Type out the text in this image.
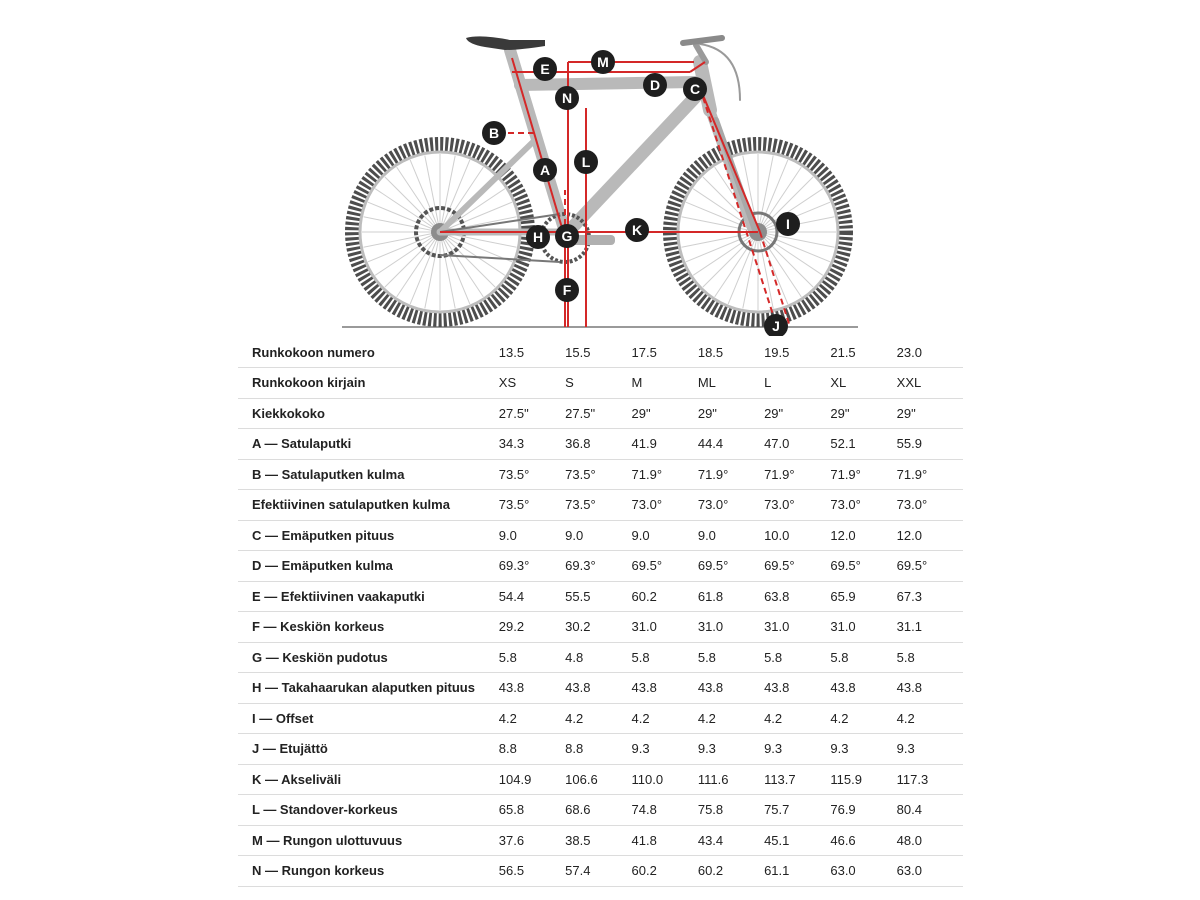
A
B
C
D
E
F
G
H
I
J
K
L
M
N
Runkokoon numero	13.5	15.5	17.5	18.5	19.5	21.5	23.0
Runkokoon kirjain	XS	S	M	ML	L	XL	XXL
Kiekkokoko	27.5"	27.5"	29"	29"	29"	29"	29"
A — Satulaputki	34.3	36.8	41.9	44.4	47.0	52.1	55.9
B — Satulaputken kulma	73.5°	73.5°	71.9°	71.9°	71.9°	71.9°	71.9°
Efektiivinen satulaputken kulma	73.5°	73.5°	73.0°	73.0°	73.0°	73.0°	73.0°
C — Emäputken pituus	9.0	9.0	9.0	9.0	10.0	12.0	12.0
D — Emäputken kulma	69.3°	69.3°	69.5°	69.5°	69.5°	69.5°	69.5°
E — Efektiivinen vaakaputki	54.4	55.5	60.2	61.8	63.8	65.9	67.3
F — Keskiön korkeus	29.2	30.2	31.0	31.0	31.0	31.0	31.1
G — Keskiön pudotus	5.8	4.8	5.8	5.8	5.8	5.8	5.8
H — Takahaarukan alaputken pituus	43.8	43.8	43.8	43.8	43.8	43.8	43.8
I — Offset	4.2	4.2	4.2	4.2	4.2	4.2	4.2
J — Etujättö	8.8	8.8	9.3	9.3	9.3	9.3	9.3
K — Akseliväli	104.9	106.6	110.0	111.6	113.7	115.9	117.3
L — Standover-korkeus	65.8	68.6	74.8	75.8	75.7	76.9	80.4
M — Rungon ulottuvuus	37.6	38.5	41.8	43.4	45.1	46.6	48.0
N — Rungon korkeus	56.5	57.4	60.2	60.2	61.1	63.0	63.0
